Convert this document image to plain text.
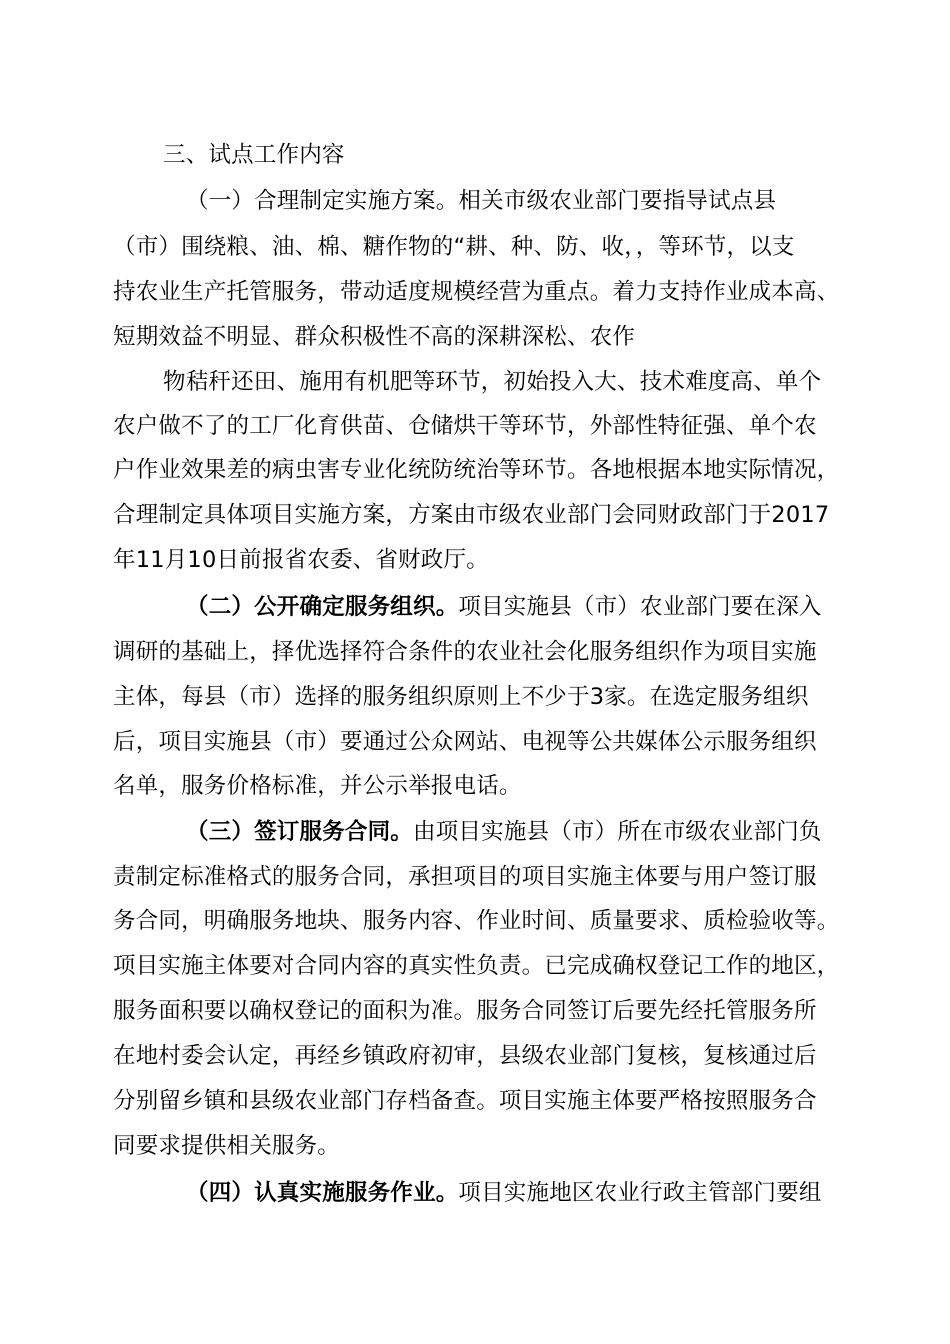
三、试点工作内容
（一）合理制定实施方案。相关市级农业部门要指导试点县
（市）围绕粮、油、棉、糖作物的“耕、种、防、收，，等环节，以支
持农业生产托管服务，带动适度规模经营为重点。着力支持作业成本高、
短期效益不明显、群众积极性不高的深耕深松、农作
物秸秆还田、施用有机肥等环节，初始投入大、技术难度高、单个
农户做不了的工厂化育供苗、仓储烘干等环节，外部性特征强、单个农
户作业效果差的病虫害专业化统防统治等环节。各地根据本地实际情况，
合理制定具体项目实施方案，方案由市级农业部门会同财政部门于2017
年11月10日前报省农委、省财政厅。
（二）公开确定服务组织。项目实施县（市）农业部门要在深入
调研的基础上，择优选择符合条件的农业社会化服务组织作为项目实施
主体，每县（市）选择的服务组织原则上不少于3家。在选定服务组织
后，项目实施县（市）要通过公众网站、电视等公共媒体公示服务组织
名单，服务价格标准，并公示举报电话。
（三）签订服务合同。由项目实施县（市）所在市级农业部门负
责制定标准格式的服务合同，承担项目的项目实施主体要与用户签订服
务合同，明确服务地块、服务内容、作业时间、质量要求、质检验收等。
项目实施主体要对合同内容的真实性负责。已完成确权登记工作的地区，
服务面积要以确权登记的面积为准。服务合同签订后要先经托管服务所
在地村委会认定，再经乡镇政府初审，县级农业部门复核，复核通过后
分别留乡镇和县级农业部门存档备查。项目实施主体要严格按照服务合
同要求提供相关服务。
（四）认真实施服务作业。项目实施地区农业行政主管部门要组
